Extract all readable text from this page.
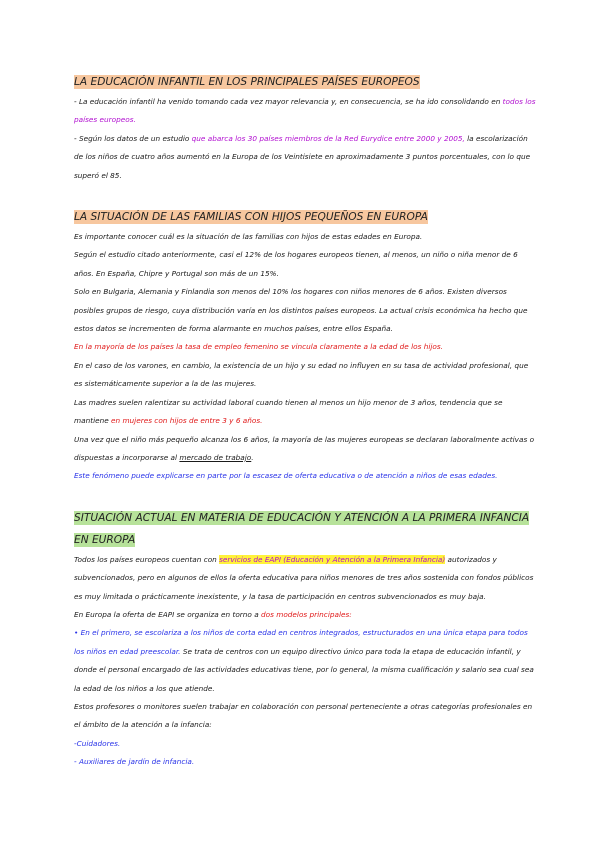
LA EDUCACIÓN INFANTIL EN LOS PRINCIPALES PAÍSES EUROPEOS

- La educación infantil ha venido tomando cada vez mayor relevancia y, en consecuencia, se ha ido consolidando en todos los países europeos.

- Según los datos de un estudio que abarca los 30 países miembros de la Red Eurydice entre 2000 y 2005, la escolarización de los niños de cuatro años aumentó en la Europa de los Veintisiete en aproximadamente 3 puntos porcentuales, con lo que superó el 85.

LA SITUACIÓN DE LAS FAMILIAS CON HIJOS PEQUEÑOS EN EUROPA

Es importante conocer cuál es la situación de las familias con hijos de estas edades en Europa.

Según el estudio citado anteriormente, casi el 12% de los hogares europeos tienen, al menos, un niño o niña menor de 6 años. En España, Chipre y Portugal son más de un 15%.

Solo en Bulgaria, Alemania y Finlandia son menos del 10% los hogares con niños menores de 6 años. Existen diversos posibles grupos de riesgo, cuya distribución varía en los distintos países europeos. La actual crisis económica ha hecho que estos datos se incrementen de forma alarmante en muchos países, entre ellos España.

En la mayoría de los países la tasa de empleo femenino se vincula claramente a la edad de los hijos.

En el caso de los varones, en cambio, la existencia de un hijo y su edad no influyen en su tasa de actividad profesional, que es sistemáticamente superior a la de las mujeres.

Las madres suelen ralentizar su actividad laboral cuando tienen al menos un hijo menor de 3 años, tendencia que se mantiene en mujeres con hijos de entre 3 y 6 años.

Una vez que el niño más pequeño alcanza los 6 años, la mayoría de las mujeres europeas se declaran laboralmente activas o dispuestas a incorporarse al mercado de trabajo.

Este fenómeno puede explicarse en parte por la escasez de oferta educativa o de atención a niños de esas edades.

SITUACIÓN ACTUAL EN MATERIA DE EDUCACIÓN Y ATENCIÓN A LA PRIMERA INFANCIA EN EUROPA

Todos los países europeos cuentan con servicios de EAPI (Educación y Atención a la Primera Infancia) autorizados y subvencionados, pero en algunos de ellos la oferta educativa para niños menores de tres años sostenida con fondos públicos es muy limitada o prácticamente inexistente, y la tasa de participación en centros subvencionados es muy baja.

En Europa la oferta de EAPI se organiza en torno a dos modelos principales:

• En el primero, se escolariza a los niños de corta edad en centros integrados, estructurados en una única etapa para todos los niños en edad preescolar. Se trata de centros con un equipo directivo único para toda la etapa de educación infantil, y donde el personal encargado de las actividades educativas tiene, por lo general, la misma cualificación y salario sea cual sea la edad de los niños a los que atiende.

Estos profesores o monitores suelen trabajar en colaboración con personal perteneciente a otras categorías profesionales en el ámbito de la atención a la infancia:

-Cuidadores.

- Auxiliares de jardín de infancia.
